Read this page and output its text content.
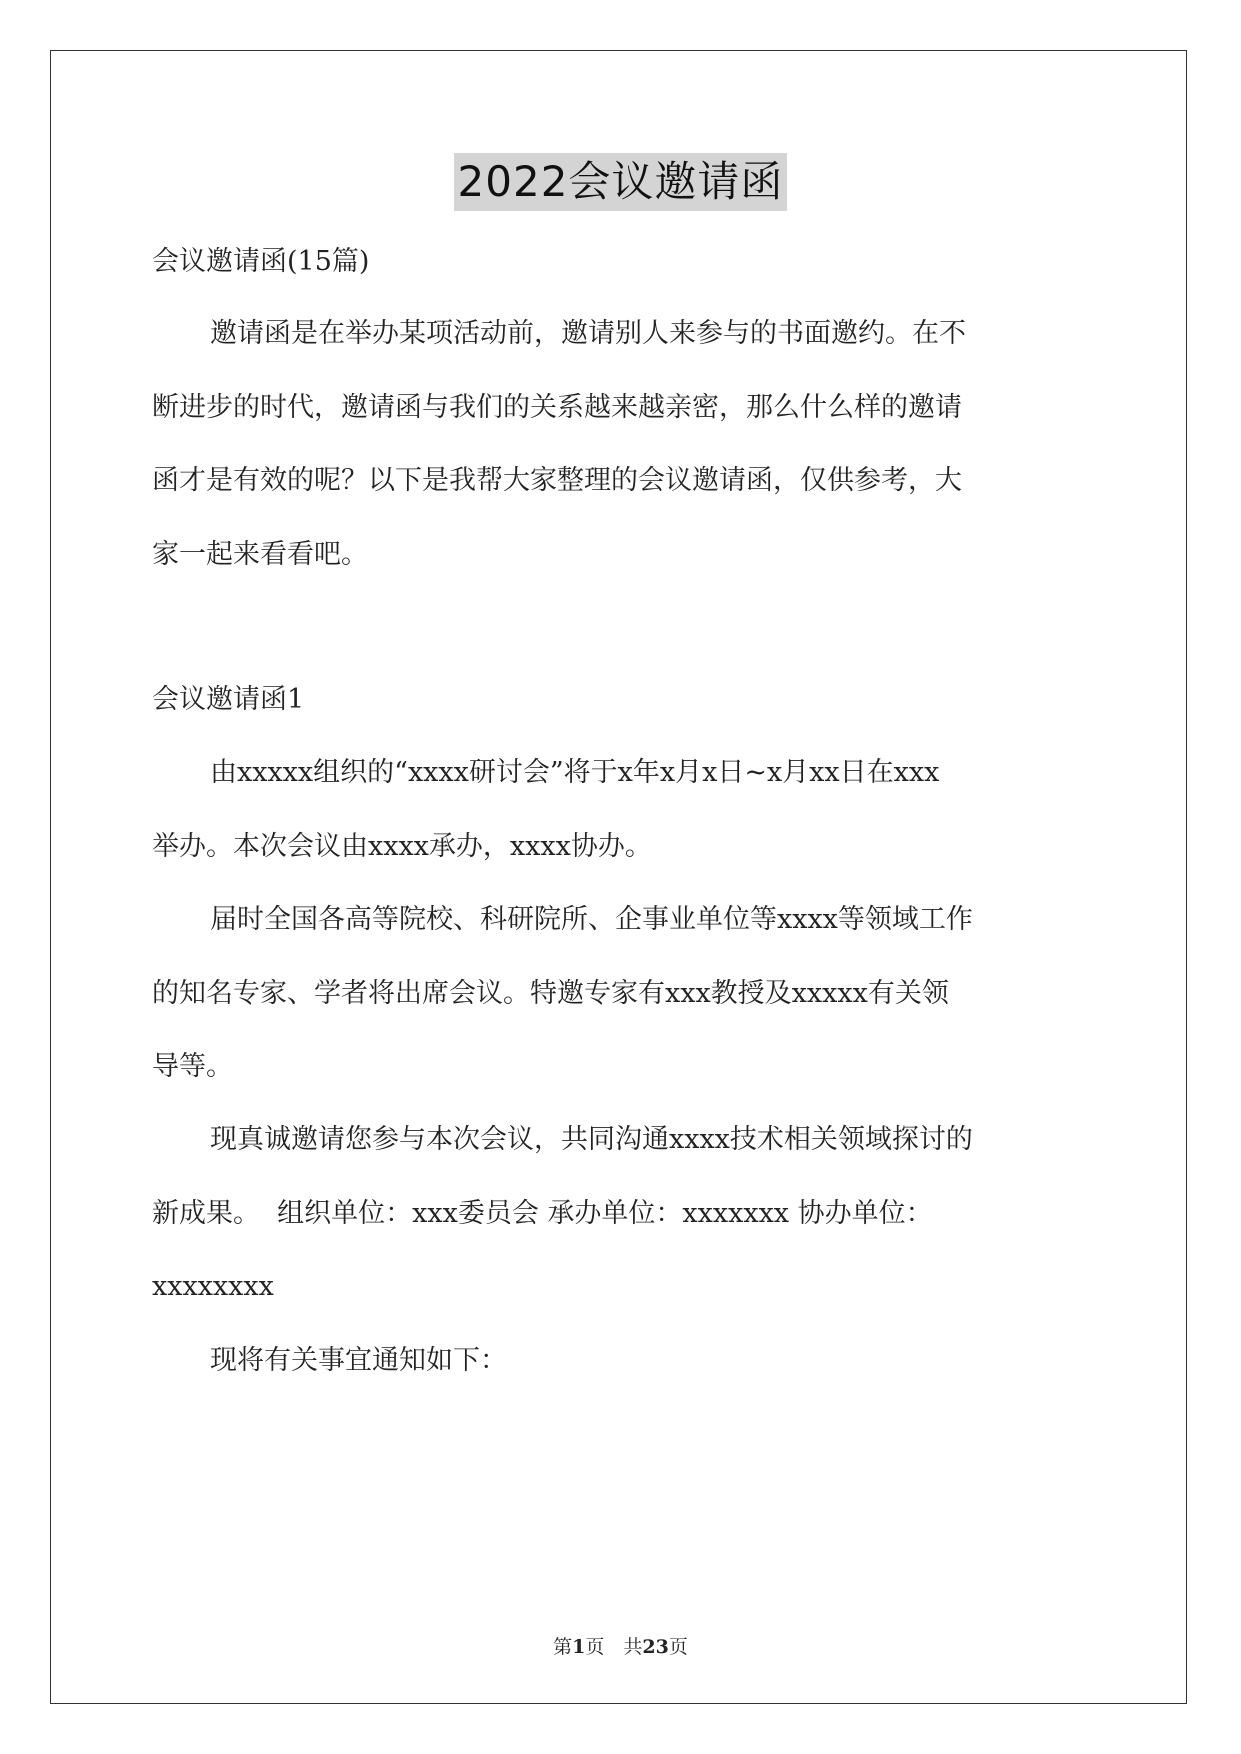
2022会议邀请函
会议邀请函(15篇)
邀请函是在举办某项活动前，邀请别人来参与的书面邀约。在不
断进步的时代，邀请函与我们的关系越来越亲密，那么什么样的邀请
函才是有效的呢？以下是我帮大家整理的会议邀请函，仅供参考，大
家一起来看看吧。
会议邀请函1
由xxxxx组织的“xxxx研讨会”将于x年x月x日~x月xx日在xxx
举办。本次会议由xxxx承办，xxxx协办。
届时全国各高等院校、科研院所、企事业单位等xxxx等领域工作
的知名专家、学者将出席会议。特邀专家有xxx教授及xxxxx有关领
导等。
现真诚邀请您参与本次会议，共同沟通xxxx技术相关领域探讨的
新成果。  组织单位：xxx委员会 承办单位：xxxxxxx 协办单位：
xxxxxxxx
现将有关事宜通知如下：
第1页　共23页
